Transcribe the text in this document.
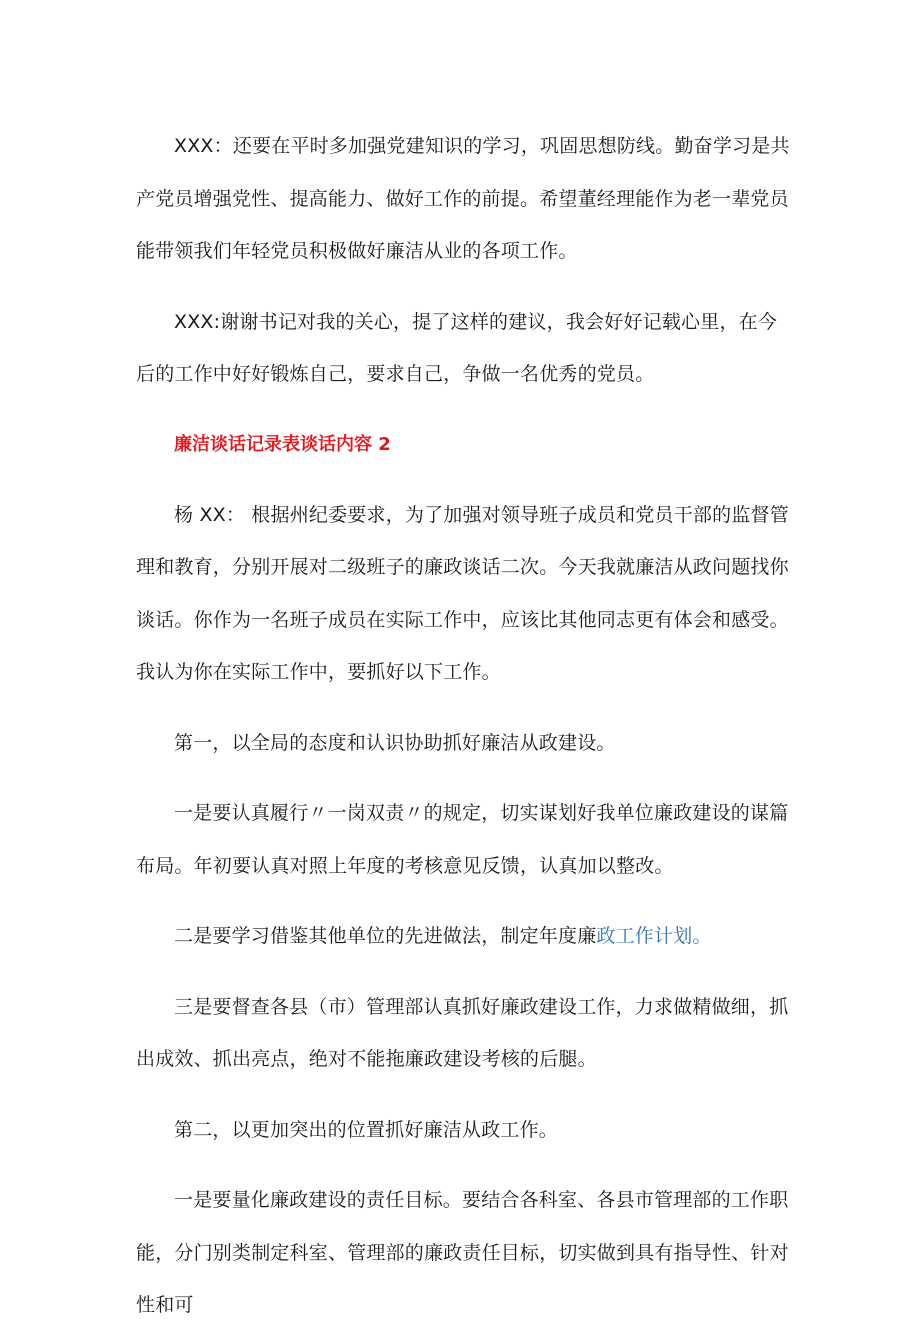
XXX：还要在平时多加强党建知识的学习，巩固思想防线。勤奋学习是共产党员增强党性、提高能力、做好工作的前提。希望董经理能作为老一辈党员能带领我们年轻党员积极做好廉洁从业的各项工作。

XXX:谢谢书记对我的关心，提了这样的建议，我会好好记载心里，在今后的工作中好好锻炼自己，要求自己，争做一名优秀的党员。

廉洁谈话记录表谈话内容 2

杨 XX： 根据州纪委要求，为了加强对领导班子成员和党员干部的监督管理和教育，分别开展对二级班子的廉政谈话二次。今天我就廉洁从政问题找你谈话。你作为一名班子成员在实际工作中，应该比其他同志更有体会和感受。我认为你在实际工作中，要抓好以下工作。

第一，以全局的态度和认识协助抓好廉洁从政建设。

一是要认真履行〃一岗双责〃的规定，切实谋划好我单位廉政建设的谋篇布局。年初要认真对照上年度的考核意见反馈，认真加以整改。

二是要学习借鉴其他单位的先进做法，制定年度廉政工作计划。

三是要督查各县（市）管理部认真抓好廉政建设工作，力求做精做细，抓出成效、抓出亮点，绝对不能拖廉政建设考核的后腿。

第二，以更加突出的位置抓好廉洁从政工作。

一是要量化廉政建设的责任目标。要结合各科室、各县市管理部的工作职能，分门别类制定科室、管理部的廉政责任目标，切实做到具有指导性、针对性和可
